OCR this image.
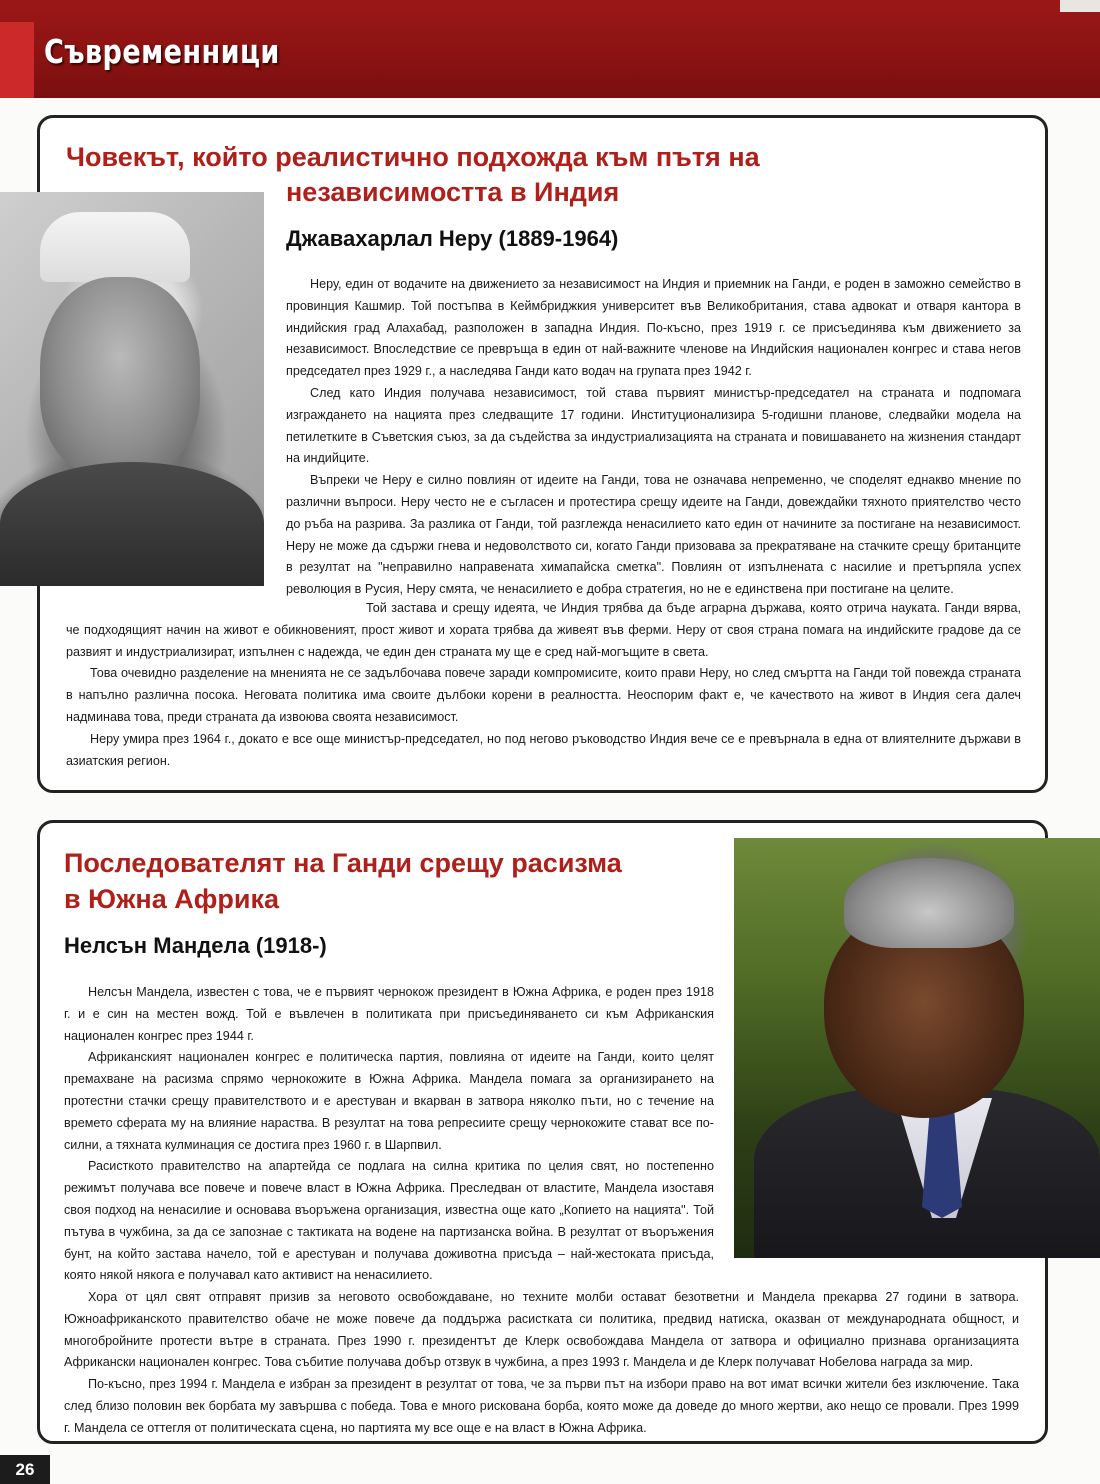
Съвременници
Човекът, който реалистично подхожда към пътя на
независимостта в Индия
Джавахарлал Неру (1889-1964)

Неру, един от водачите на движението за независимост на Индия и приемник на Ганди, е роден в заможно семейство в провинция Кашмир. Той постъпва в Кеймбриджкия университет във Великобритания, става адвокат и отваря кантора в индийския град Алахабад, разположен в западна Индия. По-късно, през 1919 г. се присъединява към движението за независимост. Впоследствие се превръща в един от най-важните членове на Индийския национален конгрес и става негов председател през 1929 г., а наследява Ганди като водач на групата през 1942 г.

След като Индия получава независимост, той става първият министър-председател на страната и подпомага изграждането на нацията през следващите 17 години. Институционализира 5-годишни планове, следвайки модела на петилетките в Съветския съюз, за да съдейства за индустриализацията на страната и повишаването на жизнения стандарт на индийците.

Въпреки че Неру е силно повлиян от идеите на Ганди, това не означава непременно, че споделят еднакво мнение по различни въпроси. Неру често не е съгласен и протестира срещу идеите на Ганди, довеждайки тяхното приятелство често до ръба на разрива. За разлика от Ганди, той разглежда ненасилието като един от начините за постигане на независимост. Неру не може да сдържи гнева и недоволството си, когато Ганди призовава за прекратяване на стачките срещу британците в резултат на "неправилно направената химапайска сметка". Повлиян от изпълнената с насилие и претърпяла успех революция в Русия, Неру смята, че ненасилието е добра стратегия, но не е единствена при постигане на целите.

Той застава и срещу идеята, че Индия трябва да бъде аграрна държава, която отрича науката. Ганди вярва, че подходящият начин на живот е обикновеният, прост живот и хората трябва да живеят във ферми. Неру от своя страна помага на индийските градове да се развият и индустриализират, изпълнен с надежда, че един ден страната му ще е сред най-могъщите в света.

Това очевидно разделение на мненията не се задълбочава повече заради компромисите, които прави Неру, но след смъртта на Ганди той повежда страната в напълно различна посока. Неговата политика има своите дълбоки корени в реалността. Неоспорим факт е, че качеството на живот в Индия сега далеч надминава това, преди страната да извоюва своята независимост.

Неру умира през 1964 г., докато е все още министър-председател, но под негово ръководство Индия вече се е превърнала в една от влиятелните държави в азиатския регион.

Последователят на Ганди срещу расизма
в Южна Африка
Нелсън Мандела (1918-)

Нелсън Мандела, известен с това, че е първият чернокож президент в Южна Африка, е роден през 1918 г. и е син на местен вожд. Той е въвлечен в политиката при присъединяването си към Африканския национален конгрес през 1944 г.

Африканският национален конгрес е политическа партия, повлияна от идеите на Ганди, които целят премахване на расизма спрямо чернокожите в Южна Африка. Мандела помага за организирането на протестни стачки срещу правителството и е арестуван и вкарван в затвора няколко пъти, но с течение на времето сферата му на влияние нараства. В резултат на това репресиите срещу чернокожите стават все по-силни, а тяхната кулминация се достига през 1960 г. в Шарпвил.

Расисткото правителство на апартейда се подлага на силна критика по целия свят, но постепенно режимът получава все повече и повече власт в Южна Африка. Преследван от властите, Мандела изоставя своя подход на ненасилие и основава въоръжена организация, известна още като „Копието на нацията". Той пътува в чужбина, за да се запознае с тактиката на водене на партизанска война. В резултат от въоръжения бунт, на който застава начело, той е арестуван и получава доживотна присъда – най-жестоката присъда, която някой някога е получавал като активист на ненасилието.

Хора от цял свят отправят призив за неговото освобождаване, но техните молби остават безответни и Мандела прекарва 27 години в затвора. Южноафриканското правителство обаче не може повече да поддържа расистката си политика, предвид натиска, оказван от международната общност, и многобройните протести вътре в страната. През 1990 г. президентът де Клерк освобождава Мандела от затвора и официално признава организацията Африкански национален конгрес. Това събитие получава добър отзвук в чужбина, а през 1993 г. Мандела и де Клерк получават Нобелова награда за мир.

По-късно, през 1994 г. Мандела е избран за президент в резултат от това, че за първи път на избори право на вот имат всички жители без изключение. Така след близо половин век борбата му завършва с победа. Това е много рискована борба, която може да доведе до много жертви, ако нещо се провали. През 1999 г. Мандела се оттегля от политическата сцена, но партията му все още е на власт в Южна Африка.

26
